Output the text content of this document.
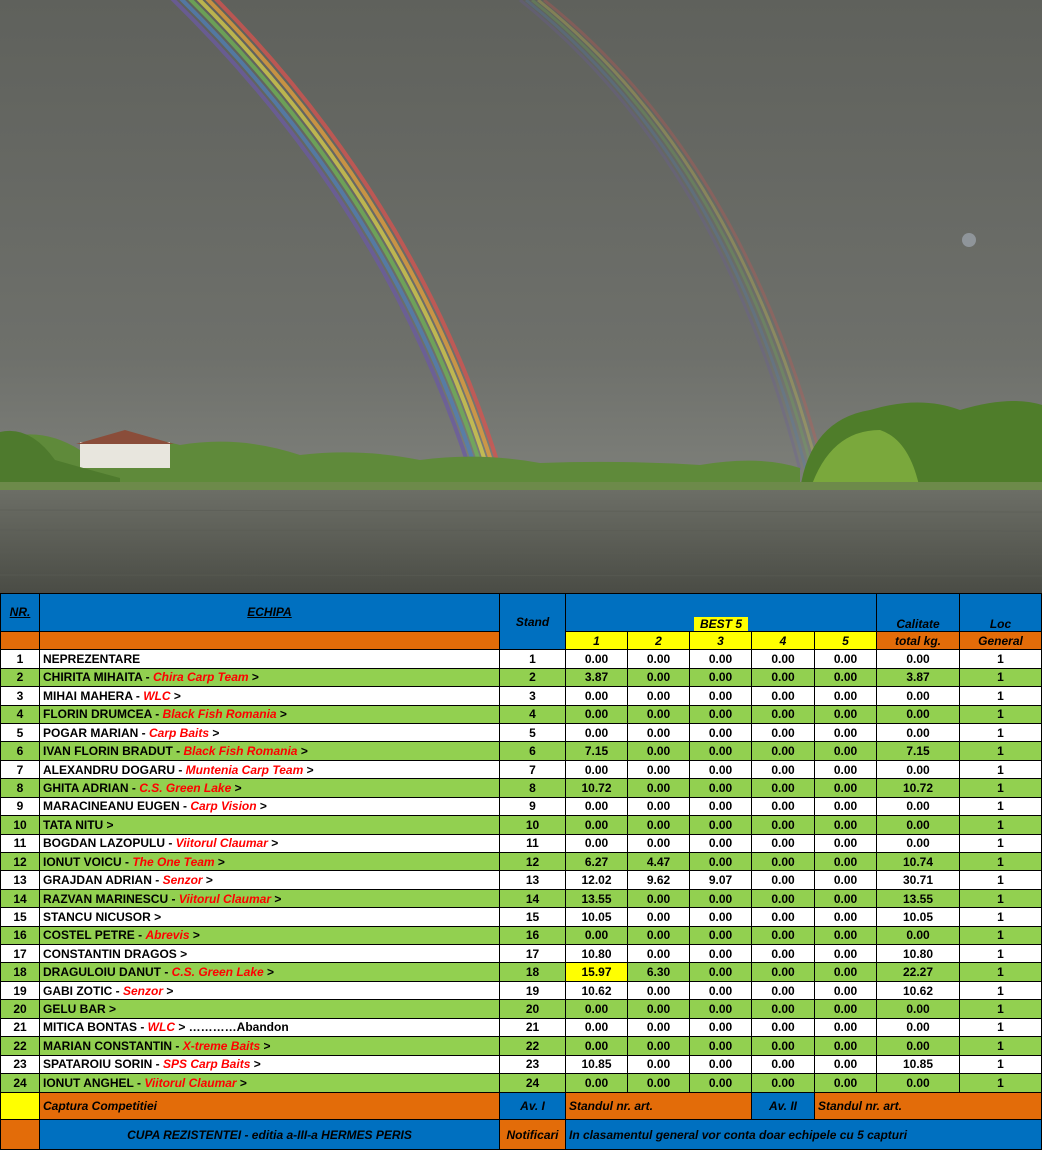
NR.	ECHIPA	Stand	BEST 5					Calitate	Loc
			1	2	3	4	5	total kg.	General
1	NEPREZENTARE	1	0.00	0.00	0.00	0.00	0.00	0.00	1
2	CHIRITA MIHAITA - Chira Carp Team >	2	3.87	0.00	0.00	0.00	0.00	3.87	1
3	MIHAI MAHERA - WLC >	3	0.00	0.00	0.00	0.00	0.00	0.00	1
4	FLORIN DRUMCEA - Black Fish Romania >	4	0.00	0.00	0.00	0.00	0.00	0.00	1
5	POGAR MARIAN - Carp Baits >	5	0.00	0.00	0.00	0.00	0.00	0.00	1
6	IVAN FLORIN BRADUT - Black Fish Romania >	6	7.15	0.00	0.00	0.00	0.00	7.15	1
7	ALEXANDRU DOGARU - Muntenia Carp Team >	7	0.00	0.00	0.00	0.00	0.00	0.00	1
8	GHITA ADRIAN - C.S. Green Lake >	8	10.72	0.00	0.00	0.00	0.00	10.72	1
9	MARACINEANU EUGEN - Carp Vision >	9	0.00	0.00	0.00	0.00	0.00	0.00	1
10	TATA NITU >	10	0.00	0.00	0.00	0.00	0.00	0.00	1
11	BOGDAN LAZOPULU - Viitorul Claumar >	11	0.00	0.00	0.00	0.00	0.00	0.00	1
12	IONUT VOICU - The One Team >	12	6.27	4.47	0.00	0.00	0.00	10.74	1
13	GRAJDAN ADRIAN - Senzor >	13	12.02	9.62	9.07	0.00	0.00	30.71	1
14	RAZVAN MARINESCU - Viitorul Claumar >	14	13.55	0.00	0.00	0.00	0.00	13.55	1
15	STANCU NICUSOR >	15	10.05	0.00	0.00	0.00	0.00	10.05	1
16	COSTEL PETRE - Abrevis >	16	0.00	0.00	0.00	0.00	0.00	0.00	1
17	CONSTANTIN DRAGOS >	17	10.80	0.00	0.00	0.00	0.00	10.80	1
18	DRAGULOIU DANUT - C.S. Green Lake >	18	15.97	6.30	0.00	0.00	0.00	22.27	1
19	GABI ZOTIC - Senzor >	19	10.62	0.00	0.00	0.00	0.00	10.62	1
20	GELU BAR >	20	0.00	0.00	0.00	0.00	0.00	0.00	1
21	MITICA BONTAS - WLC > …………Abandon	21	0.00	0.00	0.00	0.00	0.00	0.00	1
22	MARIAN CONSTANTIN - X-treme Baits >	22	0.00	0.00	0.00	0.00	0.00	0.00	1
23	SPATAROIU SORIN - SPS Carp Baits >	23	10.85	0.00	0.00	0.00	0.00	10.85	1
24	IONUT ANGHEL - Viitorul Claumar >	24	0.00	0.00	0.00	0.00	0.00	0.00	1
	Captura Competitiei	Av. I	Standul nr. art.			Av. II	Standul nr. art.		
	CUPA REZISTENTEI - editia a-III-a HERMES PERIS	Notificari	In clasamentul general vor conta doar echipele cu 5 capturi						
